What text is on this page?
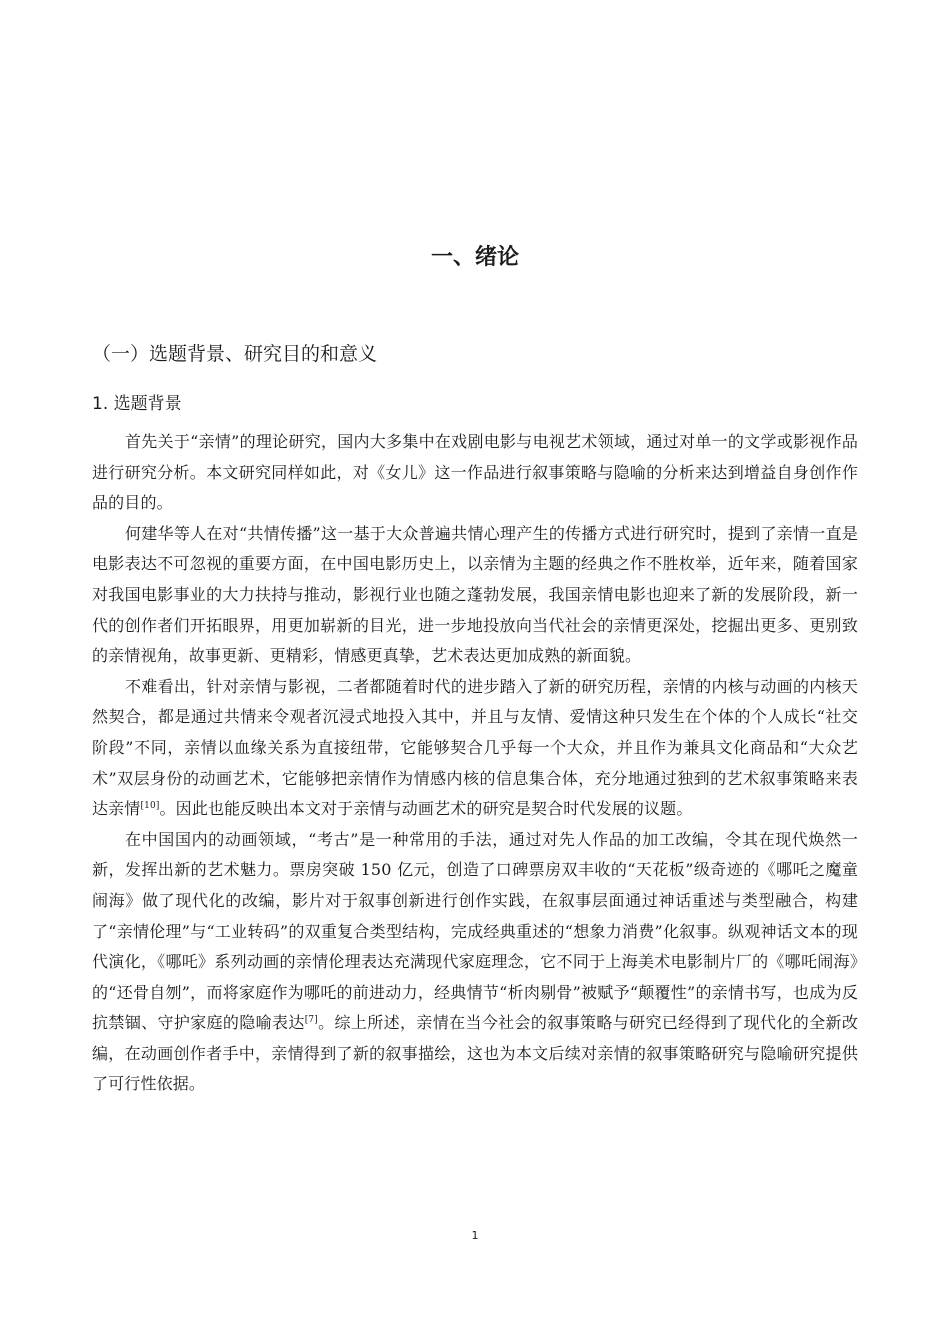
一、绪论
（一）选题背景、研究目的和意义
1. 选题背景

首先关于“亲情”的理论研究，国内大多集中在戏剧电影与电视艺术领域，通过对单一的文学或影视作品进行研究分析。本文研究同样如此，对《女儿》这一作品进行叙事策略与隐喻的分析来达到增益自身创作作品的目的。

何建华等人在对“共情传播”这一基于大众普遍共情心理产生的传播方式进行研究时，提到了亲情一直是电影表达不可忽视的重要方面，在中国电影历史上，以亲情为主题的经典之作不胜枚举，近年来，随着国家对我国电影事业的大力扶持与推动，影视行业也随之蓬勃发展，我国亲情电影也迎来了新的发展阶段，新一代的创作者们开拓眼界，用更加崭新的目光，进一步地投放向当代社会的亲情更深处，挖掘出更多、更别致的亲情视角，故事更新、更精彩，情感更真挚，艺术表达更加成熟的新面貌。

不难看出，针对亲情与影视，二者都随着时代的进步踏入了新的研究历程，亲情的内核与动画的内核天然契合，都是通过共情来令观者沉浸式地投入其中，并且与友情、爱情这种只发生在个体的个人成长“社交阶段”不同，亲情以血缘关系为直接纽带，它能够契合几乎每一个大众，并且作为兼具文化商品和“大众艺术”双层身份的动画艺术，它能够把亲情作为情感内核的信息集合体，充分地通过独到的艺术叙事策略来表达亲情[10]。因此也能反映出本文对于亲情与动画艺术的研究是契合时代发展的议题。

在中国国内的动画领域，“考古”是一种常用的手法，通过对先人作品的加工改编，令其在现代焕然一新，发挥出新的艺术魅力。票房突破 150 亿元，创造了口碑票房双丰收的“天花板”级奇迹的《哪吒之魔童闹海》做了现代化的改编，影片对于叙事创新进行创作实践，在叙事层面通过神话重述与类型融合，构建了“亲情伦理”与“工业转码”的双重复合类型结构，完成经典重述的“想象力消费”化叙事。纵观神话文本的现代演化，《哪吒》系列动画的亲情伦理表达充满现代家庭理念，它不同于上海美术电影制片厂的《哪吒闹海》的“还骨自刎”，而将家庭作为哪吒的前进动力，经典情节“析肉剔骨”被赋予“颠覆性”的亲情书写，也成为反抗禁锢、守护家庭的隐喻表达[7]。综上所述，亲情在当今社会的叙事策略与研究已经得到了现代化的全新改编，在动画创作者手中，亲情得到了新的叙事描绘，这也为本文后续对亲情的叙事策略研究与隐喻研究提供了可行性依据。

1
